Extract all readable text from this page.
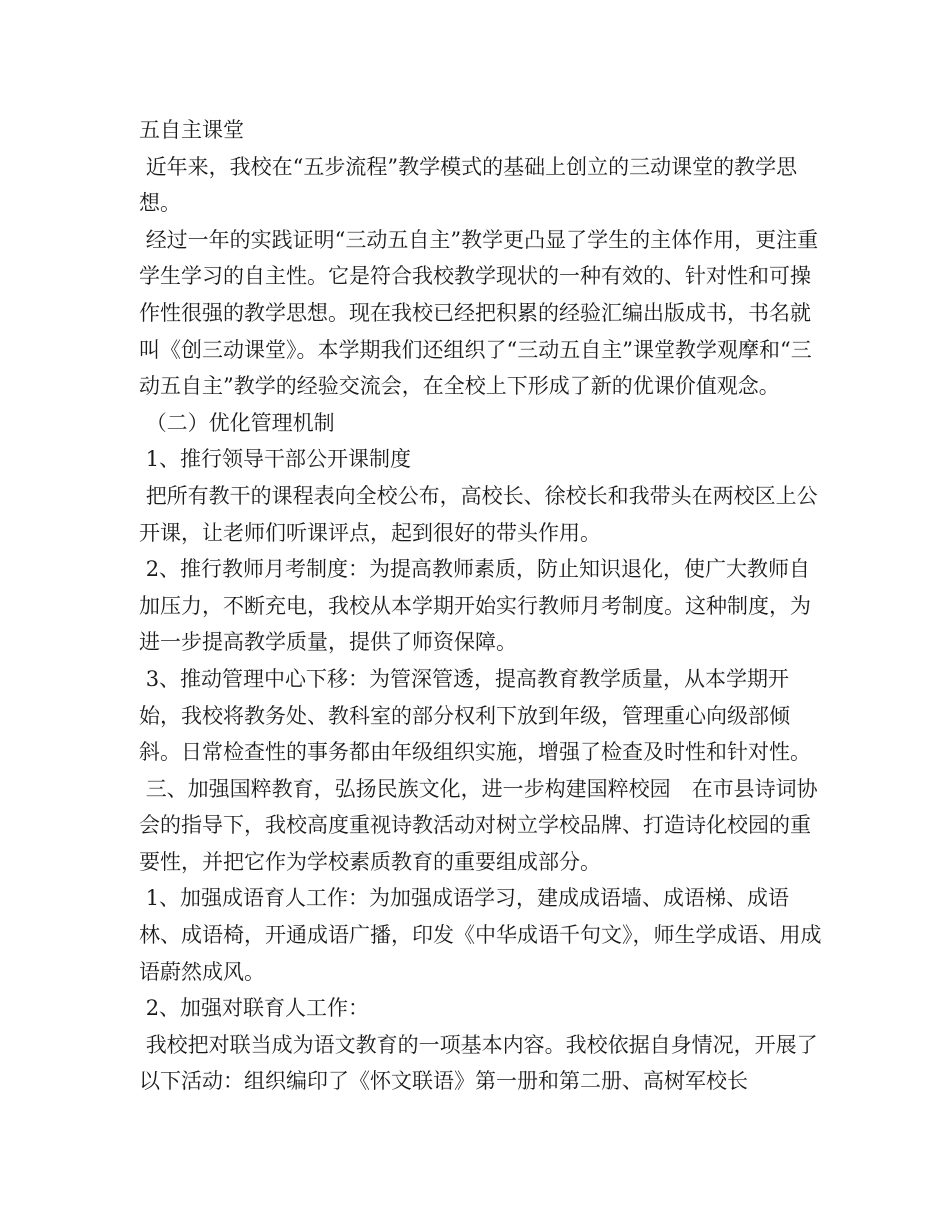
五自主课堂

近年来，我校在“五步流程”教学模式的基础上创立的三动课堂的教学思想。

经过一年的实践证明“三动五自主”教学更凸显了学生的主体作用，更注重学生学习的自主性。它是符合我校教学现状的一种有效的、针对性和可操作性很强的教学思想。现在我校已经把积累的经验汇编出版成书，书名就叫《创三动课堂》。本学期我们还组织了“三动五自主”课堂教学观摩和“三动五自主”教学的经验交流会，在全校上下形成了新的优课价值观念。

（二）优化管理机制

1、推行领导干部公开课制度

把所有教干的课程表向全校公布，高校长、徐校长和我带头在两校区上公开课，让老师们听课评点，起到很好的带头作用。

2、推行教师月考制度：为提高教师素质，防止知识退化，使广大教师自加压力，不断充电，我校从本学期开始实行教师月考制度。这种制度，为进一步提高教学质量，提供了师资保障。

3、推动管理中心下移：为管深管透，提高教育教学质量，从本学期开始，我校将教务处、教科室的部分权利下放到年级，管理重心向级部倾斜。日常检查性的事务都由年级组织实施，增强了检查及时性和针对性。

三、加强国粹教育，弘扬民族文化，进一步构建国粹校园　在市县诗词协会的指导下，我校高度重视诗教活动对树立学校品牌、打造诗化校园的重要性，并把它作为学校素质教育的重要组成部分。

1、加强成语育人工作：为加强成语学习，建成成语墙、成语梯、成语林、成语椅，开通成语广播，印发《中华成语千句文》，师生学成语、用成语蔚然成风。

2、加强对联育人工作：

我校把对联当成为语文教育的一项基本内容。我校依据自身情况，开展了以下活动：组织编印了《怀文联语》第一册和第二册、高树军校长
